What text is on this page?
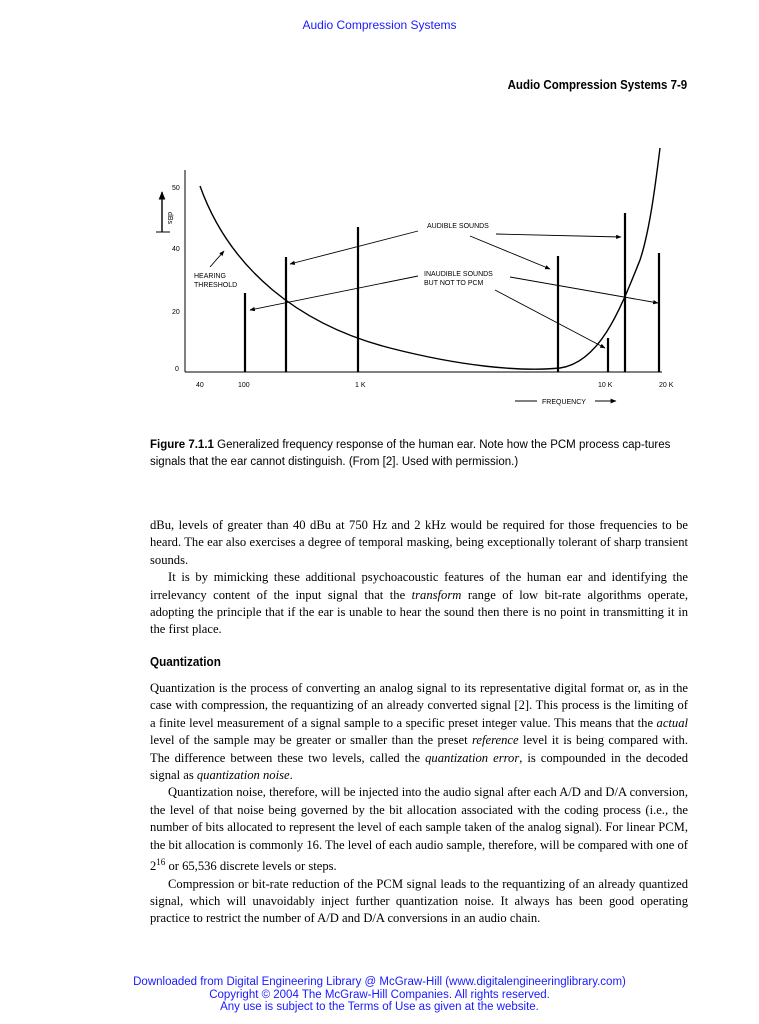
Audio Compression Systems
Audio Compression Systems 7-9
dBs
50
40
20
0
40	100	1 K	10 K	20 K
FREQUENCY
AUDIBLE SOUNDS
INAUDIBLE SOUNDS
BUT NOT TO PCM
HEARING
THRESHOLD
Figure 7.1.1 Generalized frequency response of the human ear. Note how the PCM process cap-tures signals that the ear cannot distinguish. (From [2]. Used with permission.)

dBu, levels of greater than 40 dBu at 750 Hz and 2 kHz would be required for those frequencies to be heard. The ear also exercises a degree of temporal masking, being exceptionally tolerant of sharp transient sounds.

It is by mimicking these additional psychoacoustic features of the human ear and identifying the irrelevancy content of the input signal that the transform range of low bit-rate algorithms operate, adopting the principle that if the ear is unable to hear the sound then there is no point in transmitting it in the first place.

Quantization

Quantization is the process of converting an analog signal to its representative digital format or, as in the case with compression, the requantizing of an already converted signal [2]. This process is the limiting of a finite level measurement of a signal sample to a specific preset integer value. This means that the actual level of the sample may be greater or smaller than the preset reference level it is being compared with. The difference between these two levels, called the quantization error, is compounded in the decoded signal as quantization noise.

Quantization noise, therefore, will be injected into the audio signal after each A/D and D/A conversion, the level of that noise being governed by the bit allocation associated with the coding process (i.e., the number of bits allocated to represent the level of each sample taken of the analog signal). For linear PCM, the bit allocation is commonly 16. The level of each audio sample, therefore, will be compared with one of $2^{16}$ or 65,536 discrete levels or steps.

Compression or bit-rate reduction of the PCM signal leads to the requantizing of an already quantized signal, which will unavoidably inject further quantization noise. It always has been good operating practice to restrict the number of A/D and D/A conversions in an audio chain.

Downloaded from Digital Engineering Library @ McGraw-Hill (www.digitalengineeringlibrary.com)
Copyright © 2004 The McGraw-Hill Companies. All rights reserved.
Any use is subject to the Terms of Use as given at the website.
